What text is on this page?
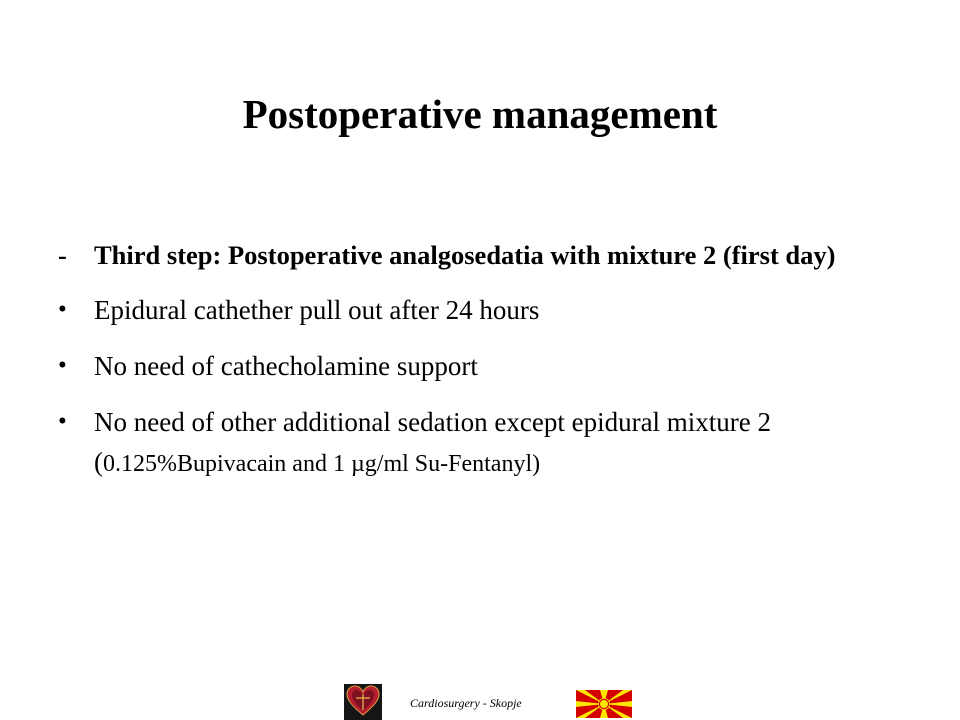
Postoperative management
-	Third step: Postoperative analgosedatia with mixture 2 (first day)
•	Epidural cathether pull out after 24 hours
•	No need of cathecholamine support
•	No need of other additional sedation except epidural mixture 2 (0.125%Bupivacain and 1 µg/ml Su-Fentanyl)
Cardiosurgery - Skopje
